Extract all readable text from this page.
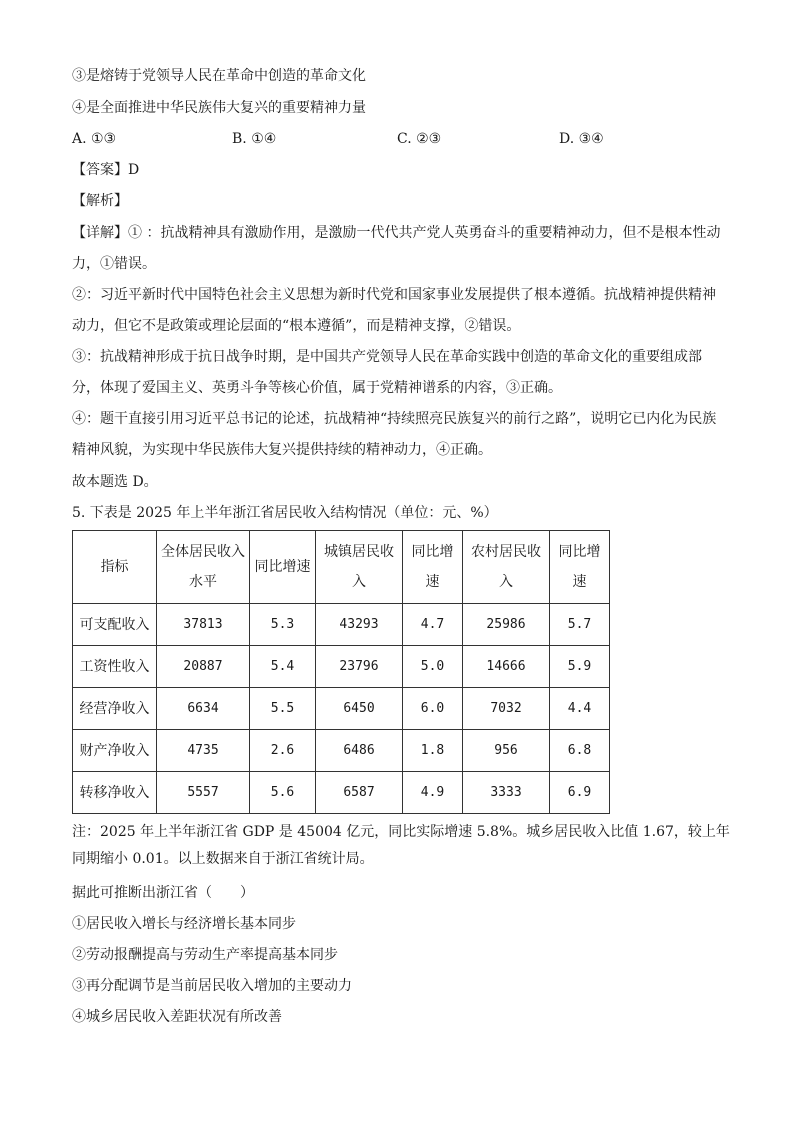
③是熔铸于党领导人民在革命中创造的革命文化
④是全面推进中华民族伟大复兴的重要精神力量
A. ①③	B. ①④	C. ②③	D. ③④
【答案】D
【解析】
【详解】① ：抗战精神具有激励作用，是激励一代代共产党人英勇奋斗的重要精神动力，但不是根本性动力，①错误。
②：习近平新时代中国特色社会主义思想为新时代党和国家事业发展提供了根本遵循。抗战精神提供精神动力，但它不是政策或理论层面的“根本遵循”，而是精神支撑，②错误。
③：抗战精神形成于抗日战争时期，是中国共产党领导人民在革命实践中创造的革命文化的重要组成部分，体现了爱国主义、英勇斗争等核心价值，属于党精神谱系的内容，③正确。
④：题干直接引用习近平总书记的论述，抗战精神“持续照亮民族复兴的前行之路”，说明它已内化为民族精神风貌，为实现中华民族伟大复兴提供持续的精神动力，④正确。
故本题选 D。
5. 下表是 2025 年上半年浙江省居民收入结构情况（单位：元、%）
指标	全体居民收入水平	同比增速	城镇居民收入	同比增速	农村居民收入	同比增速

可支配收入	37813	5.3	43293	4.7	25986	5.7
工资性收入	20887	5.4	23796	5.0	14666	5.9
经营净收入	6634	5.5	6450	6.0	7032	4.4
财产净收入	4735	2.6	6486	1.8	956	6.8
转移净收入	5557	5.6	6587	4.9	3333	6.9
注：2025 年上半年浙江省 GDP 是 45004 亿元，同比实际增速 5.8%。城乡居民收入比值 1.67，较上年同期缩小 0.01。以上数据来自于浙江省统计局。
据此可推断出浙江省（　　）
①居民收入增长与经济增长基本同步
②劳动报酬提高与劳动生产率提高基本同步
③再分配调节是当前居民收入增加的主要动力
④城乡居民收入差距状况有所改善
